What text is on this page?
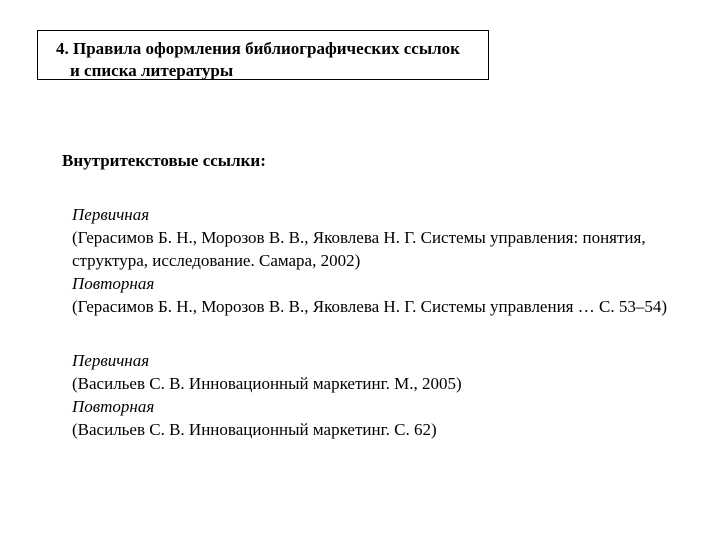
4. Правила оформления библиографических ссылок
и списка литературы
Внутритекстовые ссылки:
Первичная
(Герасимов Б. Н., Морозов В. В., Яковлева Н. Г. Системы управления: понятия, структура, исследование. Самара, 2002)
Повторная
(Герасимов Б. Н., Морозов В. В., Яковлева Н. Г. Системы управления … С. 53–54)
Первичная
(Васильев С. В. Инновационный маркетинг. М., 2005)
Повторная
(Васильев С. В. Инновационный маркетинг. С. 62)
